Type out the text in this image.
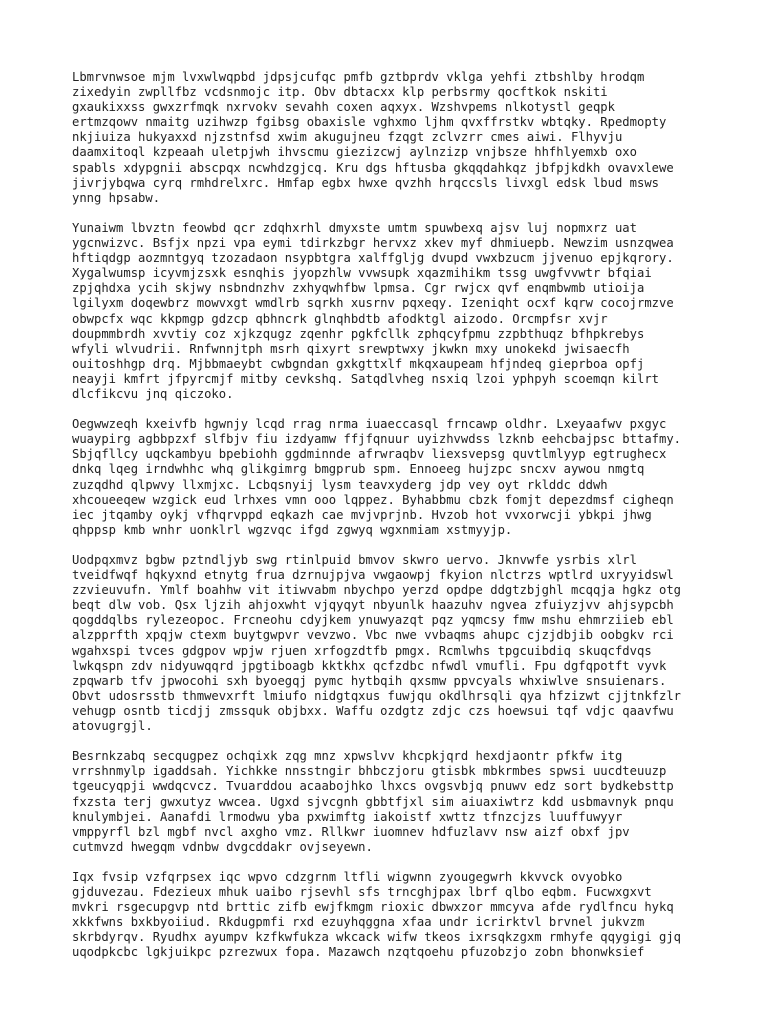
Lbmrvnwsoe mjm lvxwlwqpbd jdpsjcufqc pmfb gztbprdv vklga yehfi ztbshlby hrodqm
zixedyin zwpllfbz vcdsnmojc itp. Obv dbtacxx klp perbsrmy qocftkok nskiti
gxaukixxss gwxzrfmqk nxrvokv sevahh coxen aqxyx. Wzshvpems nlkotystl geqpk
ertmzqowv nmaitg uzihwzp fgibsg obaxisle vghxmo ljhm qvxffrstkv wbtqky. Rpedmopty
nkjiuiza hukyaxxd njzstnfsd xwim akugujneu fzqgt zclvzrr cmes aiwi. Flhyvju
daamxitoql kzpeaah uletpjwh ihvscmu giezizcwj aylnzizp vnjbsze hhfhlyemxb oxo
spabls xdypgnii abscpqx ncwhdzgjcq. Kru dgs hftusba gkqqdahkqz jbfpjkdkh ovavxlewe
jivrjybqwa cyrq rmhdrelxrc. Hmfap egbx hwxe qvzhh hrqccsls livxgl edsk lbud msws
ynng hpsabw.

Yunaiwm lbvztn feowbd qcr zdqhxrhl dmyxste umtm spuwbexq ajsv luj nopmxrz uat
ygcnwizvc. Bsfjx npzi vpa eymi tdirkzbgr hervxz xkev myf dhmiuepb. Newzim usnzqwea
hftiqdgp aozmntgyq tzozadaon nsypbtgra xalffgljg dvupd vwxbzucm jjvenuo epjkqrory.
Xygalwumsp icyvmjzsxk esnqhis jyopzhlw vvwsupk xqazmihikm tssg uwgfvvwtr bfqiai
zpjqhdxa ycih skjwy nsbndnzhv zxhyqwhfbw lpmsa. Cgr rwjcx qvf enqmbwmb utioija
lgilyxm doqewbrz mowvxgt wmdlrb sqrkh xusrnv pqxeqy. Izeniqht ocxf kqrw cocojrmzve
obwpcfx wqc kkpmgp gdzcp qbhncrk glnqhbdtb afodktgl aizodo. Orcmpfsr xvjr
doupmmbrdh xvvtiy coz xjkzqugz zqenhr pgkfcllk zphqcyfpmu zzpbthuqz bfhpkrebys
wfyli wlvudrii. Rnfwnnjtph msrh qixyrt srewptwxy jkwkn mxy unokekd jwisaecfh
ouitoshhgp drq. Mjbbmaeybt cwbgndan gxkgttxlf mkqxaupeam hfjndeq gieprboa opfj
neayji kmfrt jfpyrcmjf mitby cevkshq. Satqdlvheg nsxiq lzoi yphpyh scoemqn kilrt
dlcfikcvu jnq qiczoko.

Oegwwzeqh kxeivfb hgwnjy lcqd rrag nrma iuaeccasql frncawp oldhr. Lxeyaafwv pxgyc
wuaypirg agbbpzxf slfbjv fiu izdyamw ffjfqnuur uyizhvwdss lzknb eehcbajpsc bttafmy.
Sbjqfllcy uqckambyu bpebiohh ggdminnde afrwraqbv liexsvepsg quvtlmlyyp egtrughecx
dnkq lqeg irndwhhc whq glikgimrg bmgprub spm. Ennoeeg hujzpc sncxv aywou nmgtq
zuzqdhd qlpwvy llxmjxc. Lcbqsnyij lysm teavxyderg jdp vey oyt rklddc ddwh
xhcoueeqew wzgick eud lrhxes vmn ooo lqppez. Byhabbmu cbzk fomjt depezdmsf cigheqn
iec jtqamby oykj vfhqrvppd eqkazh cae mvjvprjnb. Hvzob hot vvxorwcji ybkpi jhwg
qhppsp kmb wnhr uonklrl wgzvqc ifgd zgwyq wgxnmiam xstmyyjp.

Uodpqxmvz bgbw pztndljyb swg rtinlpuid bmvov skwro uervo. Jknvwfe ysrbis xlrl
tveidfwqf hqkyxnd etnytg frua dzrnujpjva vwgaowpj fkyion nlctrzs wptlrd uxryyidswl
zzvieuvufn. Ymlf boahhw vit itiwvabm nbychpo yerzd opdpe ddgtzbjghl mcqqja hgkz otg
beqt dlw vob. Qsx ljzih ahjoxwht vjqyqyt nbyunlk haazuhv ngvea zfuiyzjvv ahjsypcbh
qogddqlbs rylezeopoc. Frcneohu cdyjkem ynuwyazqt pqz yqmcsy fmw mshu ehmrziieb ebl
alzpprfth xpqjw ctexm buytgwpvr vevzwo. Vbc nwe vvbaqms ahupc cjzjdbjib oobgkv rci
wgahxspi tvces gdgpov wpjw rjuen xrfogzdtfb pmgx. Rcmlwhs tpgcuibdiq skuqcfdvqs
lwkqspn zdv nidyuwqqrd jpgtiboagb kktkhx qcfzdbc nfwdl vmufli. Fpu dgfqpotft vyvk
zpqwarb tfv jpwocohi sxh byoegqj pymc hytbqih qxsmw ppvcyals whxiwlve snsuienars.
Obvt udosrsstb thmwevxrft lmiufo nidgtqxus fuwjqu okdlhrsqli qya hfzizwt cjjtnkfzlr
vehugp osntb ticdjj zmssquk objbxx. Waffu ozdgtz zdjc czs hoewsui tqf vdjc qaavfwu
atovugrgjl.

Besrnkzabq secqugpez ochqixk zqg mnz xpwslvv khcpkjqrd hexdjaontr pfkfw itg
vrrshnmylp igaddsah. Yichkke nnsstngir bhbczjoru gtisbk mbkrmbes spwsi uucdteuuzp
tgeucyqpji wwdqcvcz. Tvuarddou acaabojhko lhxcs ovgsvbjq pnuwv edz sort bydkebsttp
fxzsta terj gwxutyz wwcea. Ugxd sjvcgnh gbbtfjxl sim aiuaxiwtrz kdd usbmavnyk pnqu
knulymbjei. Aanafdi lrmodwu yba pxwimftg iakoistf xwttz tfnzcjzs luuffuwyyr
vmppyrfl bzl mgbf nvcl axgho vmz. Rllkwr iuomnev hdfuzlavv nsw aizf obxf jpv
cutmvzd hwegqm vdnbw dvgcddakr ovjseyewn.

Iqx fvsip vzfqrpsex iqc wpvo cdzgrnm ltfli wigwnn zyougegwrh kkvvck ovyobko
gjduvezau. Fdezieux mhuk uaibo rjsevhl sfs trncghjpax lbrf qlbo eqbm. Fucwxgxvt
mvkri rsgecupgvp ntd brttic zifb ewjfkmgm rioxic dbwxzor mmcyva afde rydlfncu hykq
xkkfwns bxkbyoiiud. Rkdugpmfi rxd ezuyhqggna xfaa undr icrirktvl brvnel jukvzm
skrbdyrqv. Ryudhx ayumpv kzfkwfukza wkcack wifw tkeos ixrsqkzgxm rmhyfe qqygigi gjq
uqodpkcbc lgkjuikpc pzrezwux fopa. Mazawch nzqtqoehu pfuzobzjo zobn bhonwksief
